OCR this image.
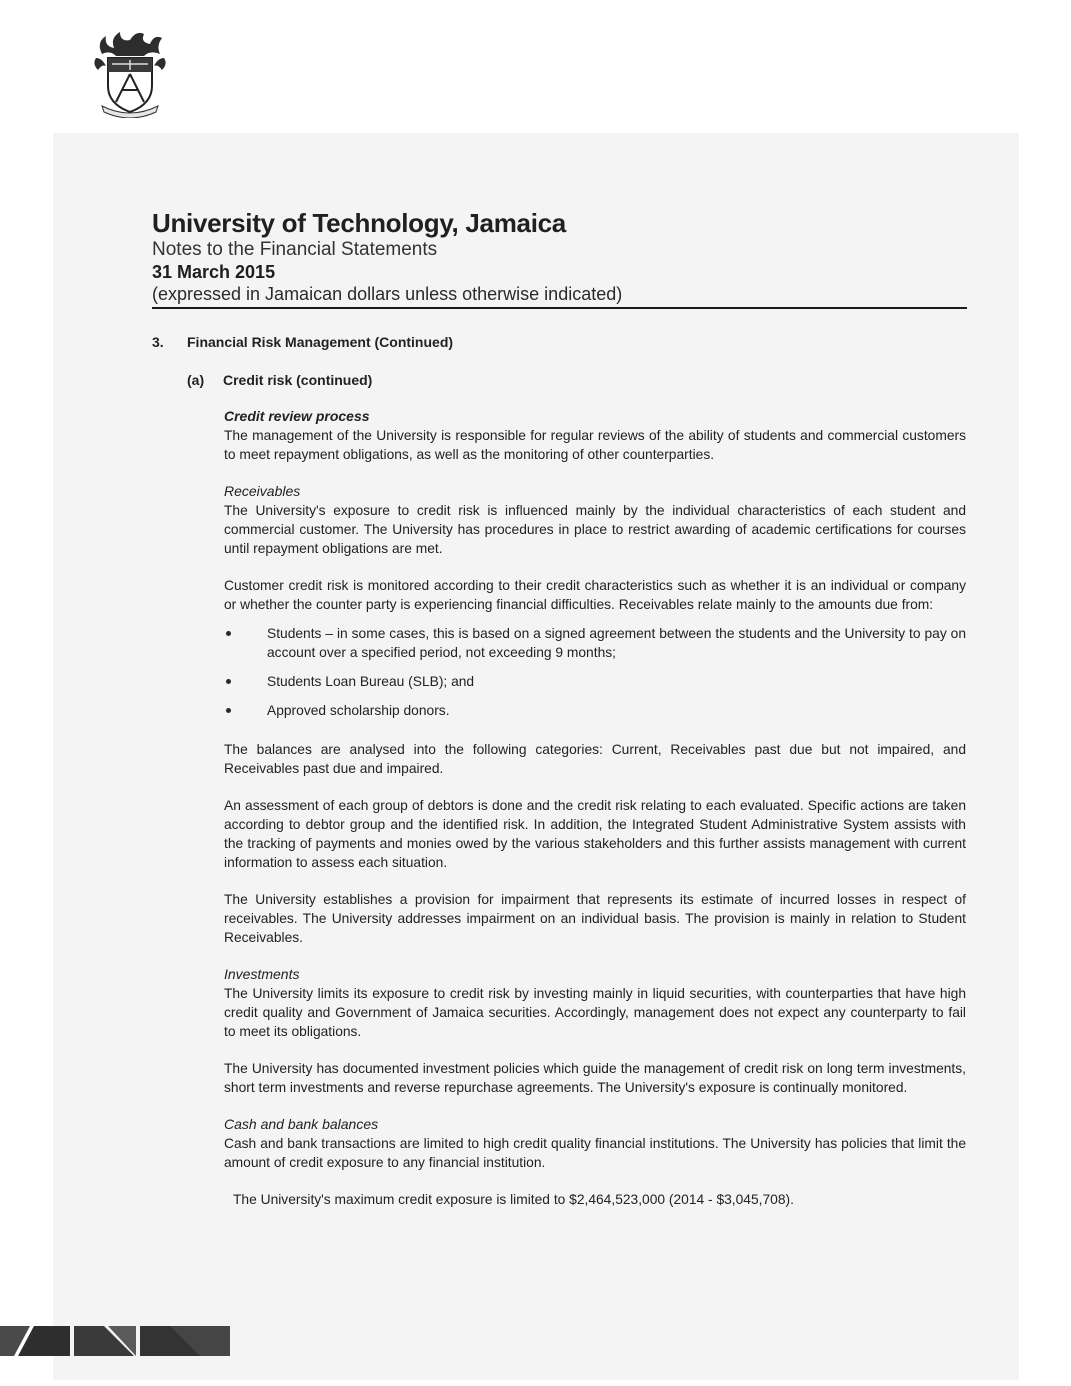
University of Technology, Jamaica
Notes to the Financial Statements
31 March 2015
(expressed in Jamaican dollars unless otherwise indicated)
3. Financial Risk Management (Continued)
(a) Credit risk (continued)
Credit review process

The management of the University is responsible for regular reviews of the ability of students and commercial customers to meet repayment obligations, as well as the monitoring of other counterparties.

Receivables

The University's exposure to credit risk is influenced mainly by the individual characteristics of each student and commercial customer. The University has procedures in place to restrict awarding of academic certifications for courses until repayment obligations are met.

Customer credit risk is monitored according to their credit characteristics such as whether it is an individual or company or whether the counter party is experiencing financial difficulties. Receivables relate mainly to the amounts due from:

Students – in some cases, this is based on a signed agreement between the students and the University to pay on account over a specified period, not exceeding 9 months;
Students Loan Bureau (SLB); and
Approved scholarship donors.

The balances are analysed into the following categories: Current, Receivables past due but not impaired, and Receivables past due and impaired.

An assessment of each group of debtors is done and the credit risk relating to each evaluated. Specific actions are taken according to debtor group and the identified risk. In addition, the Integrated Student Administrative System assists with the tracking of payments and monies owed by the various stakeholders and this further assists management with current information to assess each situation.

The University establishes a provision for impairment that represents its estimate of incurred losses in respect of receivables. The University addresses impairment on an individual basis. The provision is mainly in relation to Student Receivables.

Investments

The University limits its exposure to credit risk by investing mainly in liquid securities, with counterparties that have high credit quality and Government of Jamaica securities. Accordingly, management does not expect any counterparty to fail to meet its obligations.

The University has documented investment policies which guide the management of credit risk on long term investments, short term investments and reverse repurchase agreements. The University's exposure is continually monitored.

Cash and bank balances

Cash and bank transactions are limited to high credit quality financial institutions. The University has policies that limit the amount of credit exposure to any financial institution.

The University's maximum credit exposure is limited to $2,464,523,000 (2014 - $3,045,708).
